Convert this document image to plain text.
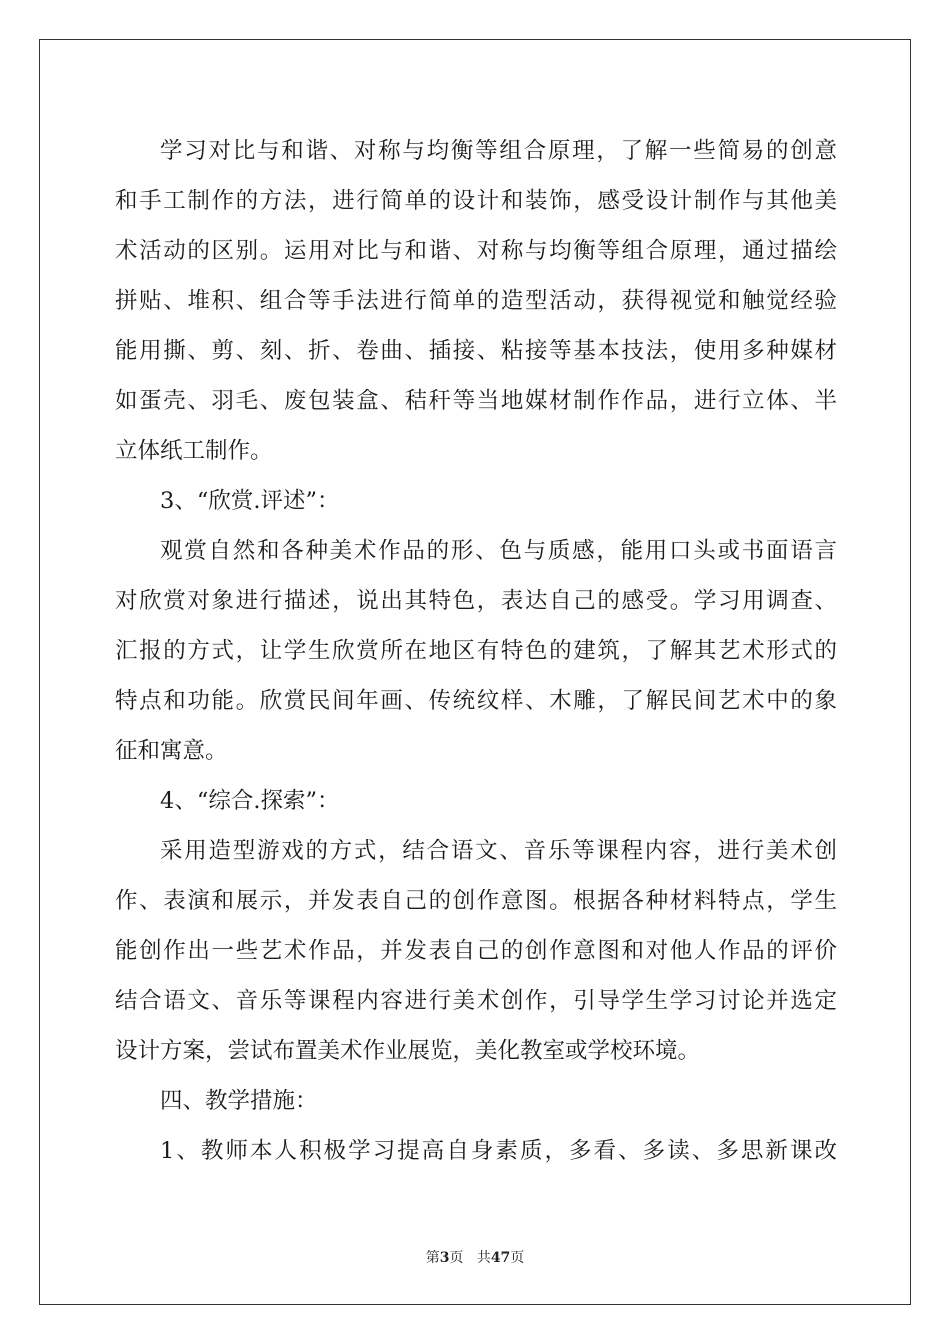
学习对比与和谐、对称与均衡等组合原理，了解一些简易的创意
和手工制作的方法，进行简单的设计和装饰，感受设计制作与其他美
术活动的区别。运用对比与和谐、对称与均衡等组合原理，通过描绘
拼贴、堆积、组合等手法进行简单的造型活动，获得视觉和触觉经验
能用撕、剪、刻、折、卷曲、插接、粘接等基本技法，使用多种媒材
如蛋壳、羽毛、废包装盒、秸秆等当地媒材制作作品，进行立体、半
立体纸工制作。
3、“欣赏.评述”：
观赏自然和各种美术作品的形、色与质感，能用口头或书面语言
对欣赏对象进行描述，说出其特色，表达自己的感受。学习用调查、
汇报的方式，让学生欣赏所在地区有特色的建筑，了解其艺术形式的
特点和功能。欣赏民间年画、传统纹样、木雕，了解民间艺术中的象
征和寓意。
4、“综合.探索”：
采用造型游戏的方式，结合语文、音乐等课程内容，进行美术创
作、表演和展示，并发表自己的创作意图。根据各种材料特点，学生
能创作出一些艺术作品，并发表自己的创作意图和对他人作品的评价
结合语文、音乐等课程内容进行美术创作，引导学生学习讨论并选定
设计方案，尝试布置美术作业展览，美化教室或学校环境。
四、教学措施：
1、教师本人积极学习提高自身素质，多看、多读、多思新课改
第3页 共47页
